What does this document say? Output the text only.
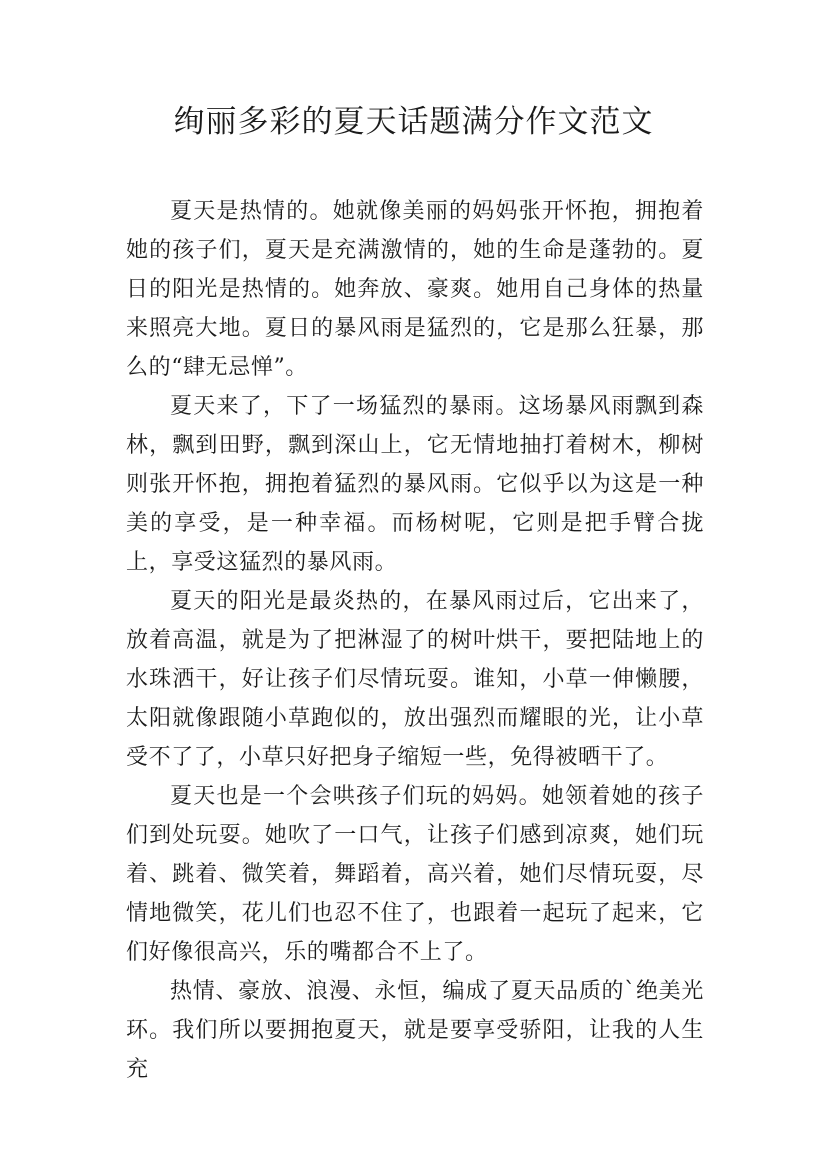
绚丽多彩的夏天话题满分作文范文

夏天是热情的。她就像美丽的妈妈张开怀抱，拥抱着她的孩子们，夏天是充满激情的，她的生命是蓬勃的。夏日的阳光是热情的。她奔放、豪爽。她用自己身体的热量来照亮大地。夏日的暴风雨是猛烈的，它是那么狂暴，那么的“肆无忌惮”。

夏天来了，下了一场猛烈的暴雨。这场暴风雨飘到森林，飘到田野，飘到深山上，它无情地抽打着树木，柳树则张开怀抱，拥抱着猛烈的暴风雨。它似乎以为这是一种美的享受，是一种幸福。而杨树呢，它则是把手臂合拢上，享受这猛烈的暴风雨。

夏天的阳光是最炎热的，在暴风雨过后，它出来了，放着高温，就是为了把淋湿了的树叶烘干，要把陆地上的水珠洒干，好让孩子们尽情玩耍。谁知，小草一伸懒腰，太阳就像跟随小草跑似的，放出强烈而耀眼的光，让小草受不了了，小草只好把身子缩短一些，免得被晒干了。

夏天也是一个会哄孩子们玩的妈妈。她领着她的孩子们到处玩耍。她吹了一口气，让孩子们感到凉爽，她们玩着、跳着、微笑着，舞蹈着，高兴着，她们尽情玩耍，尽情地微笑，花儿们也忍不住了，也跟着一起玩了起来，它们好像很高兴，乐的嘴都合不上了。

热情、豪放、浪漫、永恒，编成了夏天品质的`绝美光环。我们所以要拥抱夏天，就是要享受骄阳，让我的人生充
